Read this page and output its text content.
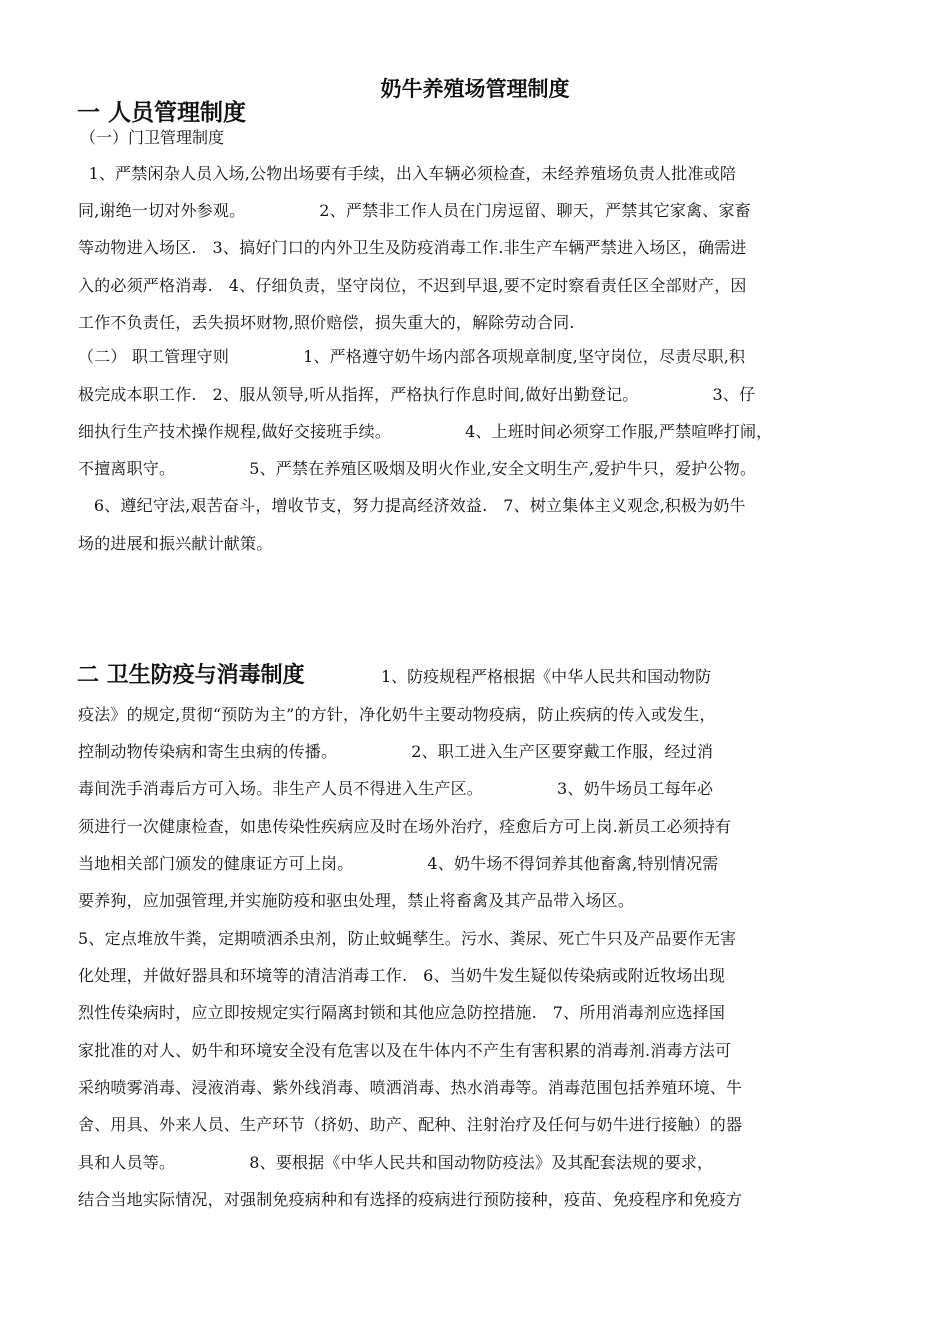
奶牛养殖场管理制度
一 人员管理制度
（一）门卫管理制度
1、严禁闲杂人员入场,公物出场要有手续，出入车辆必须检查，未经养殖场负责人批准或陪
同,谢绝一切对外参观。              2、严禁非工作人员在门房逗留、聊天，严禁其它家禽、家畜
等动物进入场区.   3、搞好门口的内外卫生及防疫消毒工作.非生产车辆严禁进入场区，确需进
入的必须严格消毒.   4、仔细负责，坚守岗位，不迟到早退,要不定时察看责任区全部财产，因
工作不负责任，丢失损坏财物,照价赔偿，损失重大的，解除劳动合同.
（二） 职工管理守则              1、严格遵守奶牛场内部各项规章制度,坚守岗位，尽责尽职,积
极完成本职工作.   2、服从领导,听从指挥，严格执行作息时间,做好出勤登记。              3、仔
细执行生产技术操作规程,做好交接班手续。              4、上班时间必须穿工作服,严禁喧哗打闹，
不擅离职守。              5、严禁在养殖区吸烟及明火作业,安全文明生产,爱护牛只，爱护公物。
6、遵纪守法,艰苦奋斗，增收节支，努力提高经济效益.   7、树立集体主义观念,积极为奶牛
场的进展和振兴献计献策。
二 卫生防疫与消毒制度               1、防疫规程严格根据《中华人民共和国动物防
疫法》的规定,贯彻“预防为主”的方针，净化奶牛主要动物疫病，防止疾病的传入或发生，
控制动物传染病和寄生虫病的传播。              2、职工进入生产区要穿戴工作服，经过消
毒间洗手消毒后方可入场。非生产人员不得进入生产区。              3、奶牛场员工每年必
须进行一次健康检查，如患传染性疾病应及时在场外治疗，痊愈后方可上岗.新员工必须持有
当地相关部门颁发的健康证方可上岗。              4、奶牛场不得饲养其他畜禽,特别情况需
要养狗，应加强管理,并实施防疫和驱虫处理，禁止将畜禽及其产品带入场区。
5、定点堆放牛粪，定期喷洒杀虫剂，防止蚊蝇孳生。污水、粪尿、死亡牛只及产品要作无害
化处理，并做好器具和环境等的清洁消毒工作.   6、当奶牛发生疑似传染病或附近牧场出现
烈性传染病时，应立即按规定实行隔离封锁和其他应急防控措施.   7、所用消毒剂应选择国
家批准的对人、奶牛和环境安全没有危害以及在牛体内不产生有害积累的消毒剂.消毒方法可
采纳喷雾消毒、浸液消毒、紫外线消毒、喷洒消毒、热水消毒等。消毒范围包括养殖环境、牛
舍、用具、外来人员、生产环节（挤奶、助产、配种、注射治疗及任何与奶牛进行接触）的器
具和人员等。              8、要根据《中华人民共和国动物防疫法》及其配套法规的要求，
结合当地实际情况，对强制免疫病种和有选择的疫病进行预防接种，疫苗、免疫程序和免疫方
